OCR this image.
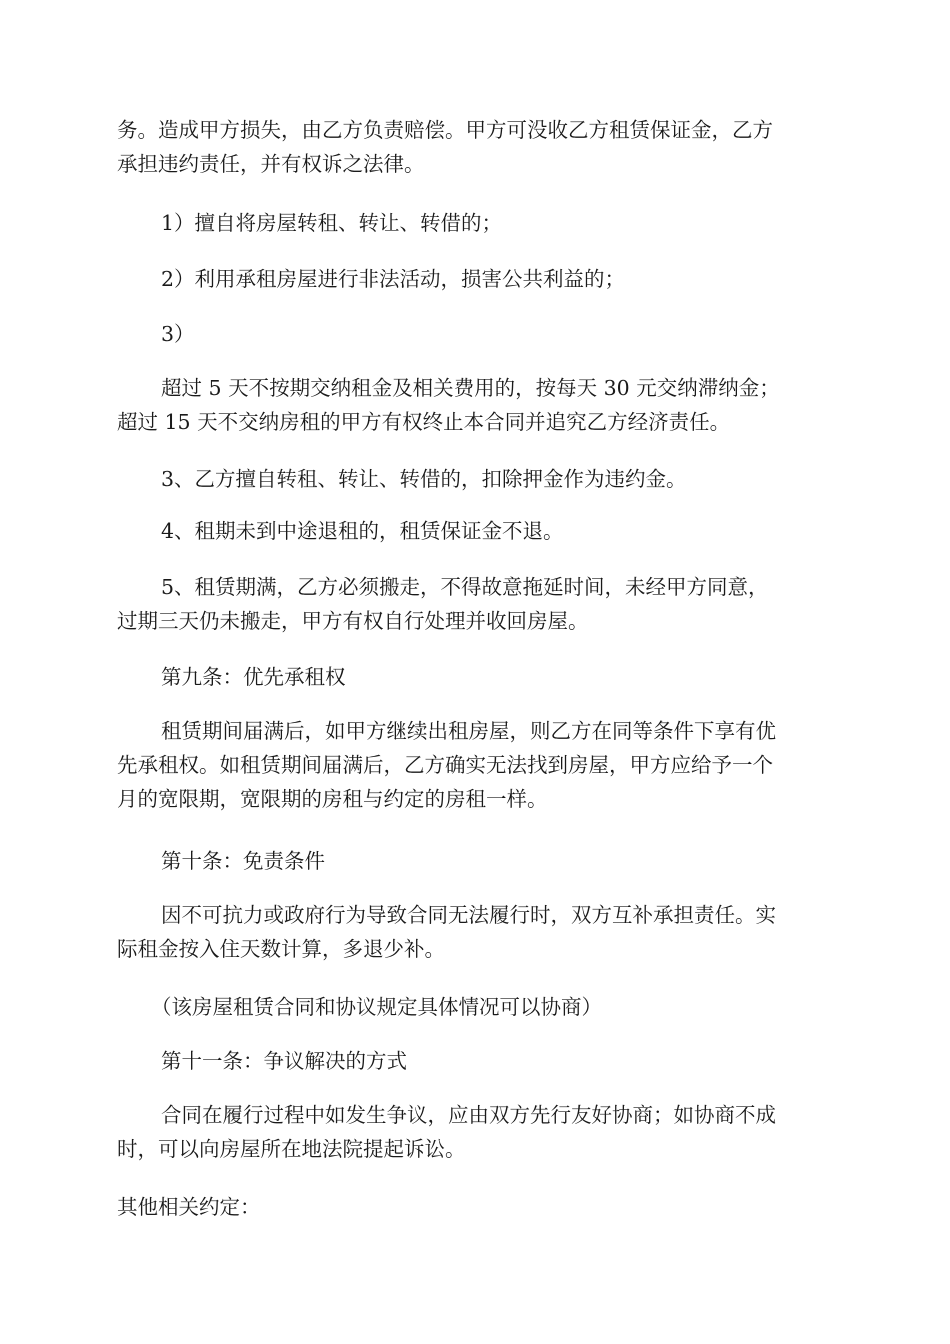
务。造成甲方损失，由乙方负责赔偿。甲方可没收乙方租赁保证金，乙方
承担违约责任，并有权诉之法律。

1）擅自将房屋转租、转让、转借的；

2）利用承租房屋进行非法活动，损害公共利益的；

3）

超过 5 天不按期交纳租金及相关费用的，按每天 30 元交纳滞纳金；
超过 15 天不交纳房租的甲方有权终止本合同并追究乙方经济责任。

3、乙方擅自转租、转让、转借的，扣除押金作为违约金。

4、租期未到中途退租的，租赁保证金不退。

5、租赁期满，乙方必须搬走，不得故意拖延时间，未经甲方同意，
过期三天仍未搬走，甲方有权自行处理并收回房屋。

第九条：优先承租权

租赁期间届满后，如甲方继续出租房屋，则乙方在同等条件下享有优
先承租权。如租赁期间届满后，乙方确实无法找到房屋，甲方应给予一个
月的宽限期，宽限期的房租与约定的房租一样。

第十条：免责条件

因不可抗力或政府行为导致合同无法履行时，双方互补承担责任。实
际租金按入住天数计算，多退少补。

（该房屋租赁合同和协议规定具体情况可以协商）

第十一条：争议解决的方式

合同在履行过程中如发生争议，应由双方先行友好协商；如协商不成
时，可以向房屋所在地法院提起诉讼。

其他相关约定：
